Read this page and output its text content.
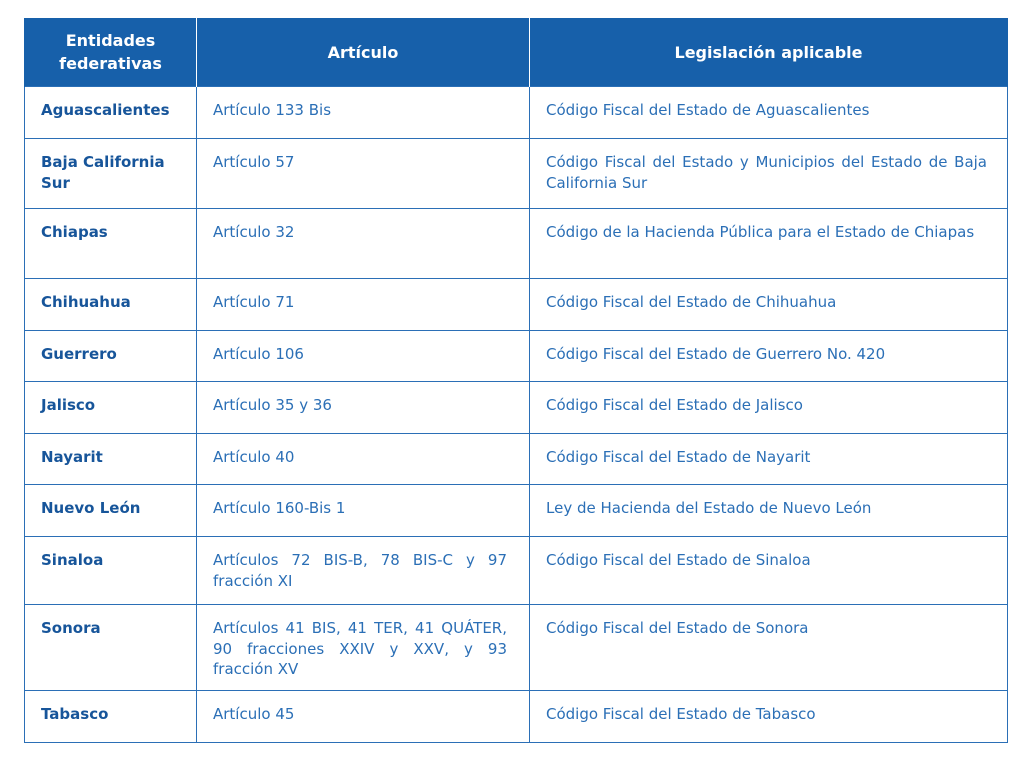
Entidades federativas	Artículo	Legislación aplicable
Aguascalientes	Artículo 133 Bis	Código Fiscal del Estado de Aguascalientes
Baja California Sur	Artículo 57	Código Fiscal del Estado y Municipios del Estado de Baja California Sur
Chiapas	Artículo 32	Código de la Hacienda Pública para el Estado de Chiapas
Chihuahua	Artículo 71	Código Fiscal del Estado de Chihuahua
Guerrero	Artículo 106	Código Fiscal del Estado de Guerrero No. 420
Jalisco	Artículo 35 y 36	Código Fiscal del Estado de Jalisco
Nayarit	Artículo 40	Código Fiscal del Estado de Nayarit
Nuevo León	Artículo 160-Bis 1	Ley de Hacienda del Estado de Nuevo León
Sinaloa	Artículos 72 BIS-B, 78 BIS-C y 97 fracción XI	Código Fiscal del Estado de Sinaloa
Sonora	Artículos 41 BIS, 41 TER, 41 QUÁTER, 90 fracciones XXIV y XXV, y 93 fracción XV	Código Fiscal del Estado de Sonora
Tabasco	Artículo 45	Código Fiscal del Estado de Tabasco
